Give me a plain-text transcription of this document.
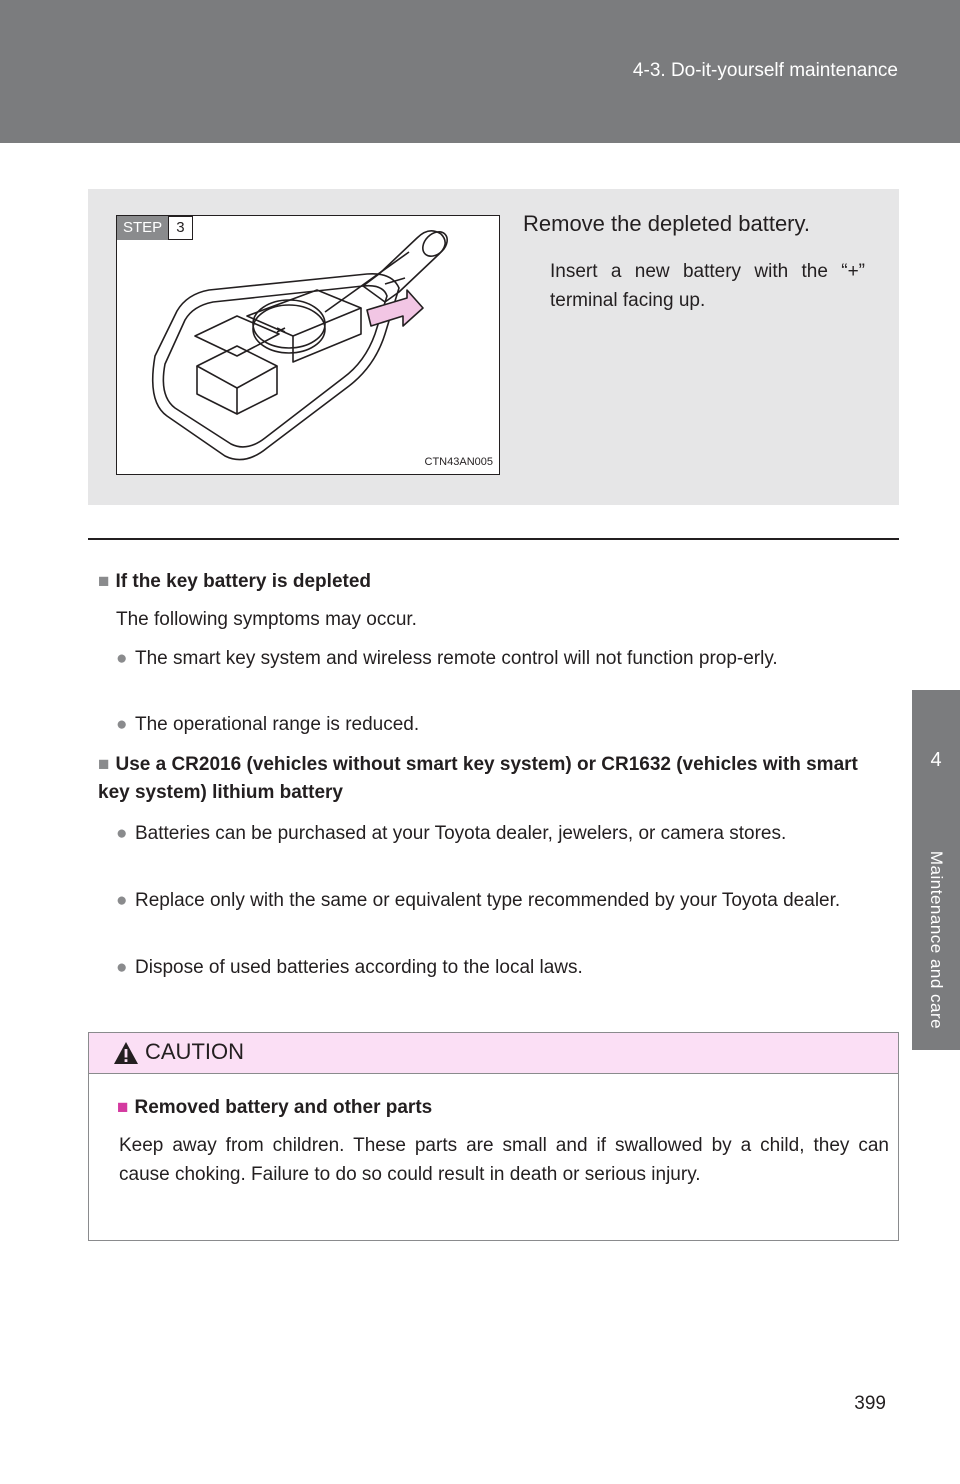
4-3. Do-it-yourself maintenance
4
Maintenance and care
STEP 3
CTN43AN005
Remove the depleted battery.
Insert a new battery with the “+” terminal facing up.
■ If the key battery is depleted
The following symptoms may occur.
● The smart key system and wireless remote control will not function prop-erly.
● The operational range is reduced.
■ Use a CR2016 (vehicles without smart key system) or CR1632 (vehicles with smart key system) lithium battery
● Batteries can be purchased at your Toyota dealer, jewelers, or camera stores.
● Replace only with the same or equivalent type recommended by your Toyota dealer.
● Dispose of used batteries according to the local laws.
CAUTION
■ Removed battery and other parts
Keep away from children. These parts are small and if swallowed by a child, they can cause choking. Failure to do so could result in death or serious injury.
399
